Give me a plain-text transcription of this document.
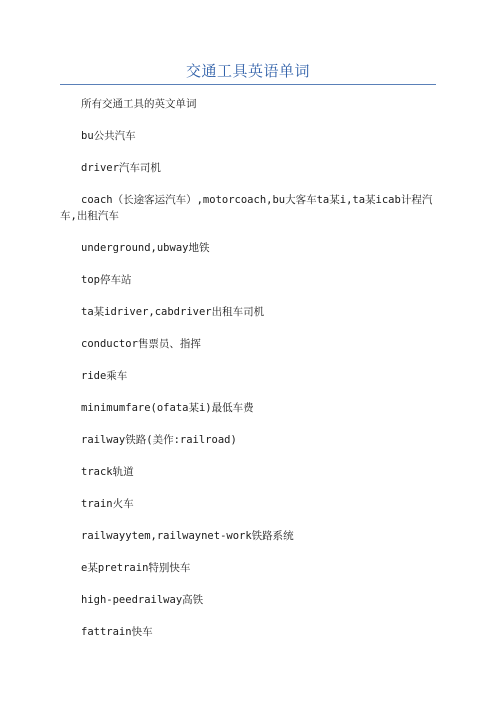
交通工具英语单词

所有交通工具的英文单词

bu公共汽车

driver汽车司机

coach（长途客运汽车）,motorcoach,bu大客车ta某i,ta某icab计程汽车,出租汽车

underground,ubway地铁

top停车站

ta某idriver,cabdriver出租车司机

conductor售票员、指挥

ride乘车

minimumfare(ofata某i)最低车费

railway铁路(美作:railroad)

track轨道

train火车

railwayytem,railwaynet-work铁路系统

e某pretrain特别快车

high-peedrailway高铁

fattrain快车
